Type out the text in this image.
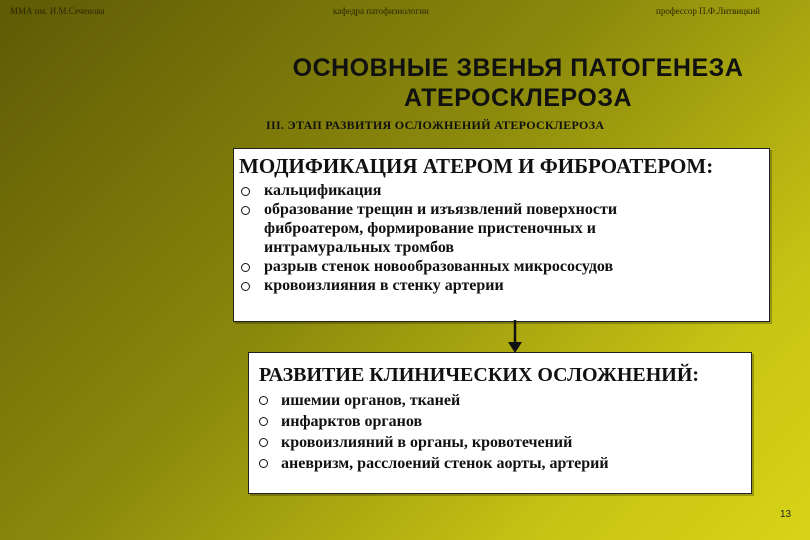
ММА им. И.М.Сеченова	кафедра патофизиологии	профессор П.Ф.Литвицкий
ОСНОВНЫЕ ЗВЕНЬЯ ПАТОГЕНЕЗА
АТЕРОСКЛЕРОЗА
III. ЭТАП РАЗВИТИЯ ОСЛОЖНЕНИЙ АТЕРОСКЛЕРОЗА
МОДИФИКАЦИЯ АТЕРОМ И ФИБРОАТЕРОМ:
кальцификация
образование трещин и изъязвлений поверхности
фиброатером, формирование пристеночных и
интрамуральных тромбов
разрыв стенок новообразованных микрососудов
кровоизлияния в стенку артерии
РАЗВИТИЕ КЛИНИЧЕСКИХ ОСЛОЖНЕНИЙ:
ишемии органов, тканей
инфарктов органов
кровоизлияний в органы, кровотечений
аневризм, расслоений стенок аорты, артерий
13
